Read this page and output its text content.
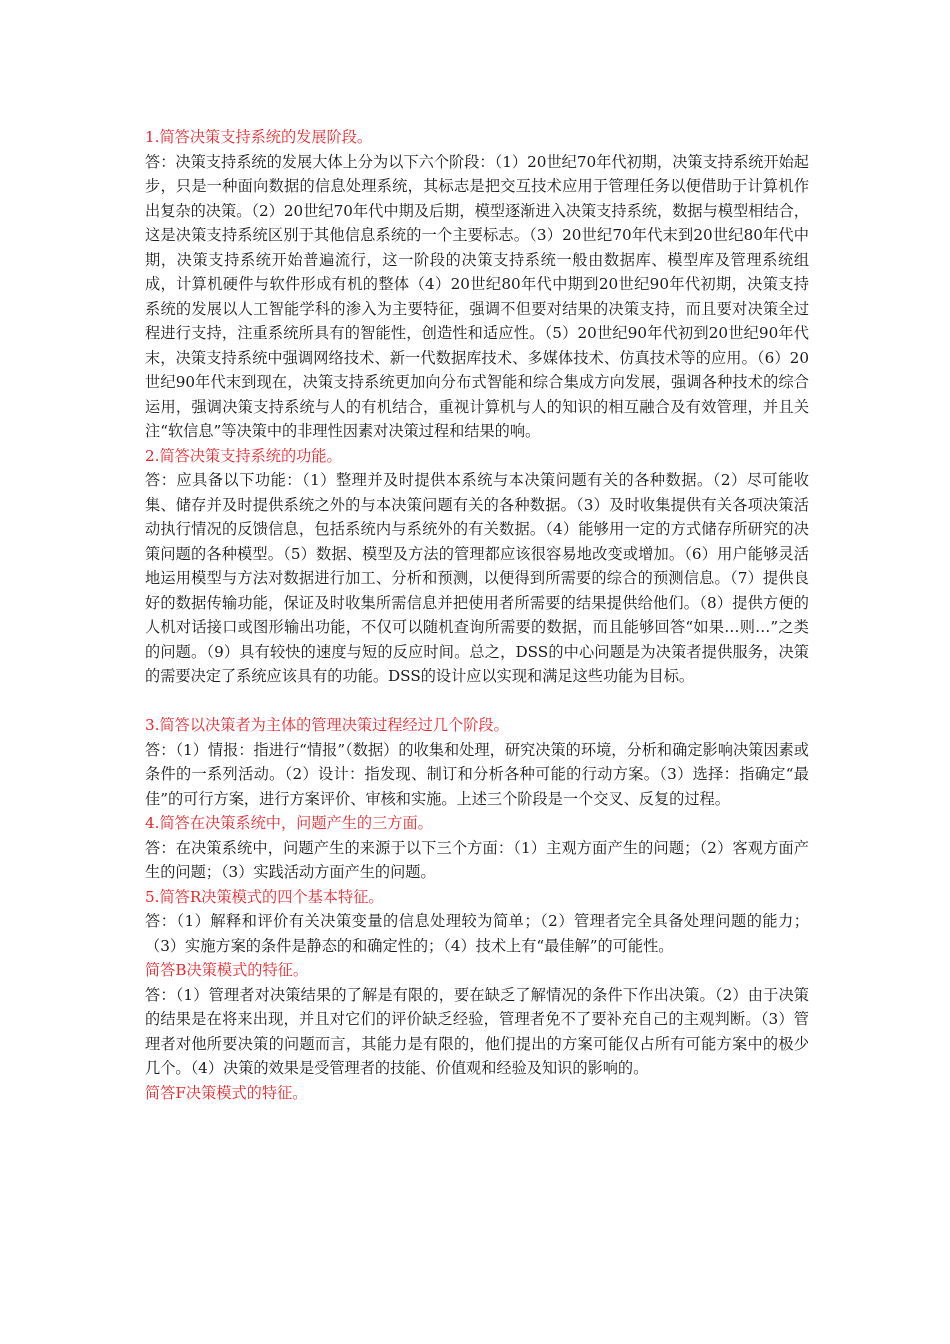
1.简答决策支持系统的发展阶段。

答：决策支持系统的发展大体上分为以下六个阶段：（1）20世纪70年代初期，决策支持系统开始起步，只是一种面向数据的信息处理系统，其标志是把交互技术应用于管理任务以便借助于计算机作出复杂的决策。（2）20世纪70年代中期及后期，模型逐渐进入决策支持系统，数据与模型相结合，这是决策支持系统区别于其他信息系统的一个主要标志。（3）20世纪70年代末到20世纪80年代中期，决策支持系统开始普遍流行，这一阶段的决策支持系统一般由数据库、模型库及管理系统组成，计算机硬件与软件形成有机的整体（4）20世纪80年代中期到20世纪90年代初期，决策支持系统的发展以人工智能学科的渗入为主要特征，强调不但要对结果的决策支持，而且要对决策全过程进行支持，注重系统所具有的智能性，创造性和适应性。（5）20世纪90年代初到20世纪90年代末，决策支持系统中强调网络技术、新一代数据库技术、多媒体技术、仿真技术等的应用。（6）20世纪90年代末到现在，决策支持系统更加向分布式智能和综合集成方向发展，强调各种技术的综合运用，强调决策支持系统与人的有机结合，重视计算机与人的知识的相互融合及有效管理，并且关注“软信息”等决策中的非理性因素对决策过程和结果的响。

2.简答决策支持系统的功能。

答：应具备以下功能：（1）整理并及时提供本系统与本决策问题有关的各种数据。（2）尽可能收集、储存并及时提供系统之外的与本决策问题有关的各种数据。（3）及时收集提供有关各项决策活动执行情况的反馈信息，包括系统内与系统外的有关数据。（4）能够用一定的方式储存所研究的决策问题的各种模型。（5）数据、模型及方法的管理都应该很容易地改变或增加。（6）用户能够灵活地运用模型与方法对数据进行加工、分析和预测，以便得到所需要的综合的预测信息。（7）提供良好的数据传输功能，保证及时收集所需信息并把使用者所需要的结果提供给他们。（8）提供方便的人机对话接口或图形输出功能，不仅可以随机查询所需要的数据，而且能够回答“如果…则…”之类的问题。（9）具有较快的速度与短的反应时间。总之，DSS的中心问题是为决策者提供服务，决策的需要决定了系统应该具有的功能。DSS的设计应以实现和满足这些功能为目标。

3.简答以决策者为主体的管理决策过程经过几个阶段。

答：（1）情报：指进行“情报”（数据）的收集和处理，研究决策的环境，分析和确定影响决策因素或条件的一系列活动。（2）设计：指发现、制订和分析各种可能的行动方案。（3）选择：指确定“最佳”的可行方案，进行方案评价、审核和实施。上述三个阶段是一个交叉、反复的过程。

4.简答在决策系统中，问题产生的三方面。

答：在决策系统中，问题产生的来源于以下三个方面：（1）主观方面产生的问题；（2）客观方面产生的问题；（3）实践活动方面产生的问题。

5.简答R决策模式的四个基本特征。

答：（1）解释和评价有关决策变量的信息处理较为简单；（2）管理者完全具备处理问题的能力；（3）实施方案的条件是静态的和确定性的；（4）技术上有“最佳解”的可能性。

简答B决策模式的特征。

答：（1）管理者对决策结果的了解是有限的，要在缺乏了解情况的条件下作出决策。（2）由于决策的结果是在将来出现，并且对它们的评价缺乏经验，管理者免不了要补充自己的主观判断。（3）管理者对他所要决策的问题而言，其能力是有限的，他们提出的方案可能仅占所有可能方案中的极少几个。（4）决策的效果是受管理者的技能、价值观和经验及知识的影响的。

简答F决策模式的特征。
